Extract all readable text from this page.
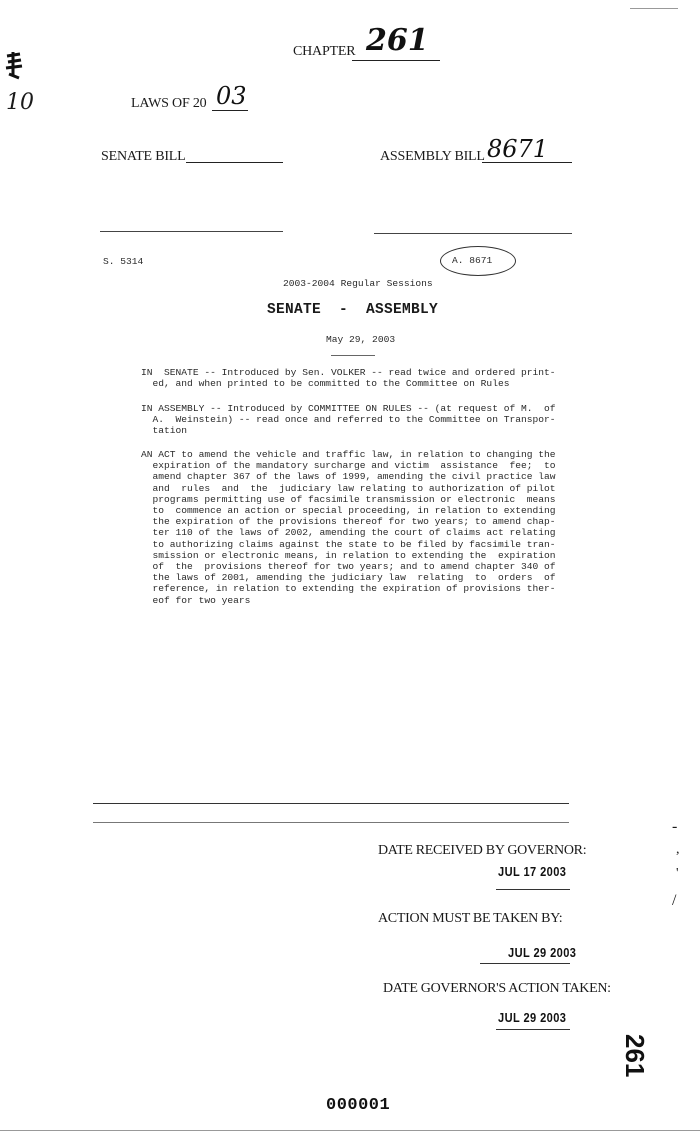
CHAPTER 261
10	LAWS OF 20 03
SENATE BILL	ASSEMBLY BILL 8671
S. 5314	A. 8671
2003-2004 Regular Sessions
SENATE  -  ASSEMBLY
May 29, 2003

IN  SENATE -- Introduced by Sen. VOLKER -- read twice and ordered print-

ed, and when printed to be committed to the Committee on Rules

IN ASSEMBLY -- Introduced by COMMITTEE ON RULES -- (at request of M.  of

A.  Weinstein) -- read once and referred to the Committee on Transpor-

tation

AN ACT to amend the vehicle and traffic law, in relation to changing the

expiration of the mandatory surcharge and victim  assistance  fee;  to

amend chapter 367 of the laws of 1999, amending the civil practice law

and  rules  and  the  judiciary law relating to authorization of pilot

programs permitting use of facsimile transmission or electronic  means

to  commence an action or special proceeding, in relation to extending

the expiration of the provisions thereof for two years; to amend chap-

ter 110 of the laws of 2002, amending the court of claims act relating

to authorizing claims against the state to be filed by facsimile tran-

smission or electronic means, in relation to extending the  expiration

of  the  provisions thereof for two years; and to amend chapter 340 of

the laws of 2001, amending the judiciary law  relating  to  orders  of

reference, in relation to extending the expiration of provisions ther-

eof for two years

DATE RECEIVED BY GOVERNOR:
JUL 17 2003
ACTION MUST BE TAKEN BY:
JUL 29 2003
DATE GOVERNOR'S ACTION TAKEN:
JUL 29 2003
-
,
'
/
261
000001
